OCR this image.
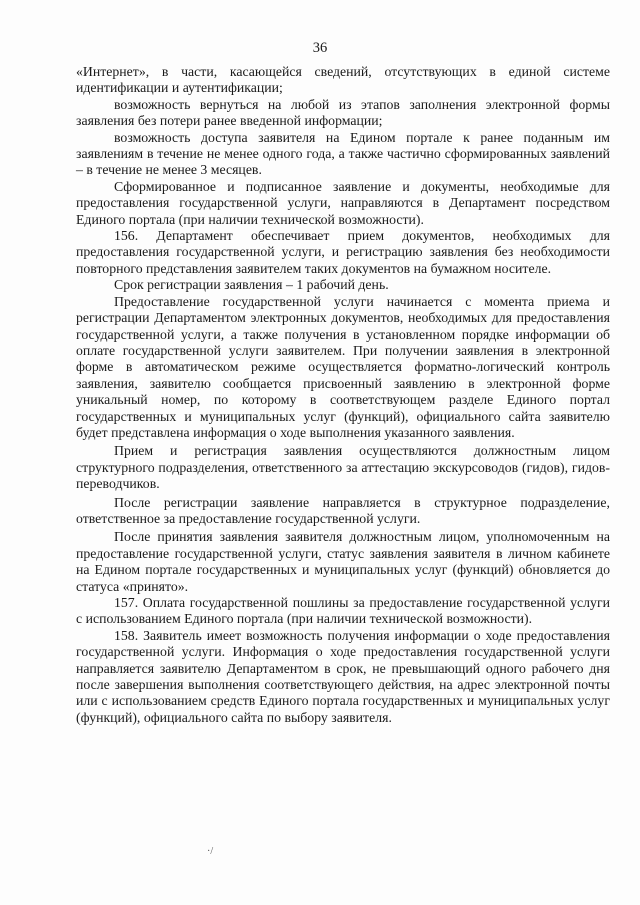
36

«Интернет», в части, касающейся сведений, отсутствующих в единой системе идентификации и аутентификации;

возможность вернуться на любой из этапов заполнения электронной формы заявления без потери ранее введенной информации;

возможность доступа заявителя на Едином портале к ранее поданным им заявлениям в течение не менее одного года, а также частично сформированных заявлений – в течение не менее 3 месяцев.

Сформированное и подписанное заявление и документы, необходимые для предоставления государственной услуги, направляются в Департамент посредством Единого портала (при наличии технической возможности).

156. Департамент обеспечивает прием документов, необходимых для предоставления государственной услуги, и регистрацию заявления без необходимости повторного представления заявителем таких документов на бумажном носителе.

Срок регистрации заявления – 1 рабочий день.

Предоставление государственной услуги начинается с момента приема и регистрации Департаментом электронных документов, необходимых для предоставления государственной услуги, а также получения в установленном порядке информации об оплате государственной услуги заявителем. При получении заявления в электронной форме в автоматическом режиме осуществляется форматно-логический контроль заявления, заявителю сообщается присвоенный заявлению в электронной форме уникальный номер, по которому в соответствующем разделе Единого портал государственных и муниципальных услуг (функций), официального сайта заявителю будет представлена информация о ходе выполнения указанного заявления.

Прием и регистрация заявления осуществляются должностным лицом структурного подразделения, ответственного за аттестацию экскурсоводов (гидов), гидов-переводчиков.

После регистрации заявление направляется в структурное подразделение, ответственное за предоставление государственной услуги.

После принятия заявления заявителя должностным лицом, уполномоченным на предоставление государственной услуги, статус заявления заявителя в личном кабинете на Едином портале государственных и муниципальных услуг (функций) обновляется до статуса «принято».

157. Оплата государственной пошлины за предоставление государственной услуги с использованием Единого портала (при наличии технической возможности).

158. Заявитель имеет возможность получения информации о ходе предоставления государственной услуги. Информация о ходе предоставления государственной услуги направляется заявителю Департаментом в срок, не превышающий одного рабочего дня после завершения выполнения соответствующего действия, на адрес электронной почты или с использованием средств Единого портала государственных и муниципальных услуг (функций), официального сайта по выбору заявителя.

·/
